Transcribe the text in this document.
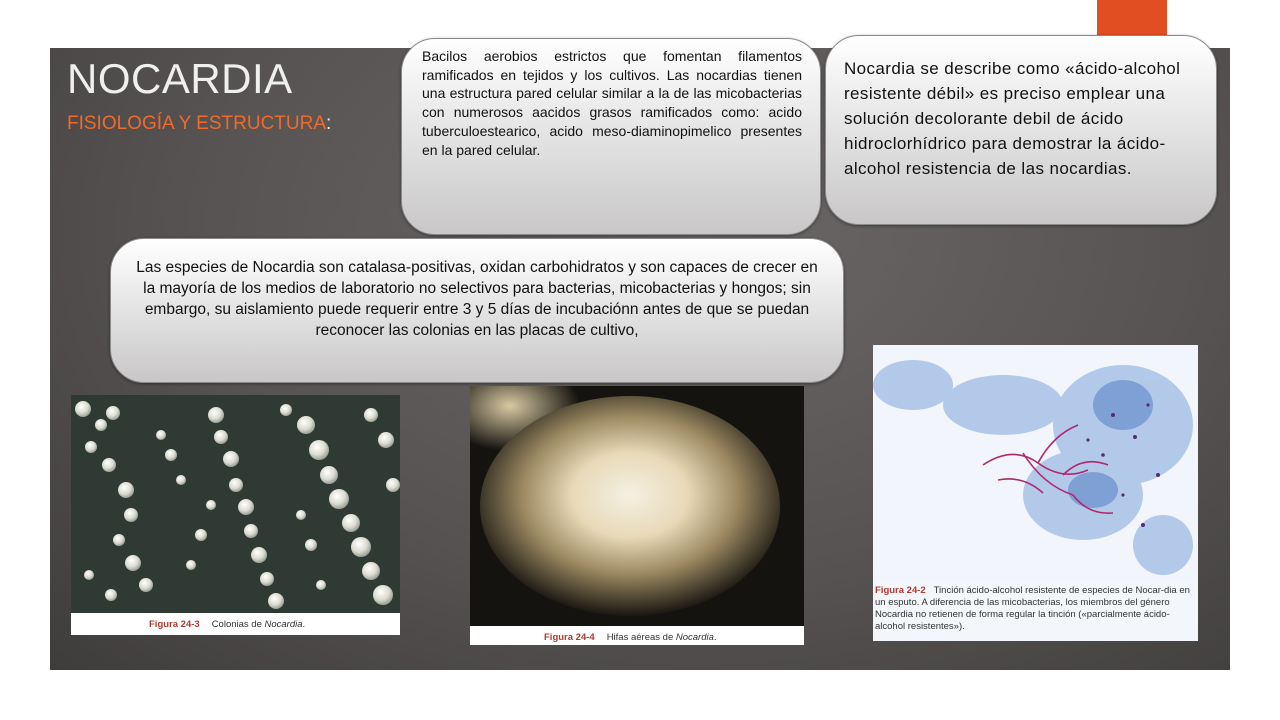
NOCARDIA
FISIOLOGÍA Y ESTRUCTURA:
Bacilos aerobios estrictos que fomentan filamentos ramificados en tejidos y los cultivos. Las nocardias tienen una estructura pared celular similar a la de las micobacterias con numerosos aacidos grasos ramificados como: acido tuberculoestearico, acido meso-diaminopimelico presentes en la pared celular.
Nocardia se describe como «ácido-alcohol resistente débil» es preciso emplear una solución decolorante debil de ácido hidroclorhídrico para demostrar la ácido-alcohol resistencia de las nocardias.
Las especies de Nocardia son catalasa-positivas, oxidan carbohidratos y son capaces de crecer en la mayoría de los medios de laboratorio no selectivos para bacterias, micobacterias y hongos; sin embargo, su aislamiento puede requerir entre 3 y 5 días de incubaciónn antes de que se puedan reconocer las colonias en las placas de cultivo,
Figura 24-3 Colonias de Nocardia.
Figura 24-4 Hifas aéreas de Nocardia.
Figura 24-2 Tinción ácido-alcohol resistente de especies de Nocar-dia en un esputo. A diferencia de las micobacterias, los miembros del género Nocardia no retienen de forma regular la tinción («parcialmente ácido-alcohol resistentes»).
